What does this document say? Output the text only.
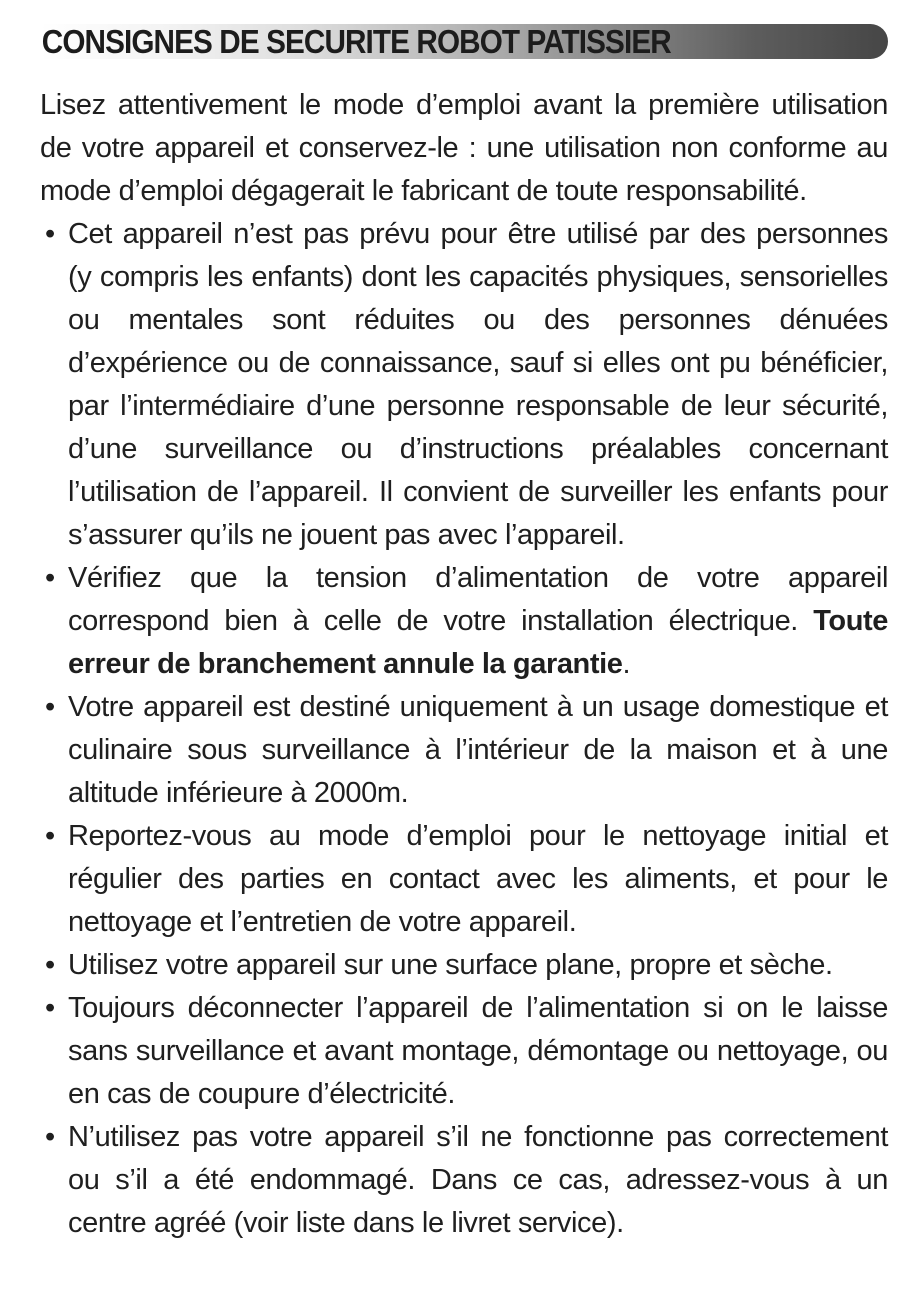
CONSIGNES DE SECURITE ROBOT PATISSIER

Lisez attentivement le mode d’emploi avant la première utilisation de votre appareil et conservez-le : une utilisation non conforme au mode d’emploi dégagerait le fabricant de toute responsabilité.

• Cet appareil n’est pas prévu pour être utilisé par des personnes (y compris les enfants) dont les capacités physiques, sensorielles ou mentales sont réduites ou des personnes dénuées d’expérience ou de connaissance, sauf si elles ont pu bénéficier, par l’intermédiaire d’une personne responsable de leur sécurité, d’une surveillance ou d’instructions préalables concernant l’utilisation de l’appareil. Il convient de surveiller les enfants pour s’assurer qu’ils ne jouent pas avec l’appareil.
• Vérifiez que la tension d’alimentation de votre appareil correspond bien à celle de votre installation électrique. Toute erreur de branchement annule la garantie.
• Votre appareil est destiné uniquement à un usage domestique et culinaire sous surveillance à l’intérieur de la maison et à une altitude inférieure à 2000m.
• Reportez-vous au mode d’emploi pour le nettoyage initial et régulier des parties en contact avec les aliments, et pour le nettoyage et l’entretien de votre appareil.
• Utilisez votre appareil sur une surface plane, propre et sèche.
• Toujours déconnecter l’appareil de l’alimentation si on le laisse sans surveillance et avant montage, démontage ou nettoyage, ou en cas de coupure d’électricité.
• N’utilisez pas votre appareil s’il ne fonctionne pas correctement ou s’il a été endommagé. Dans ce cas, adressez-vous à un centre agréé (voir liste dans le livret service).
